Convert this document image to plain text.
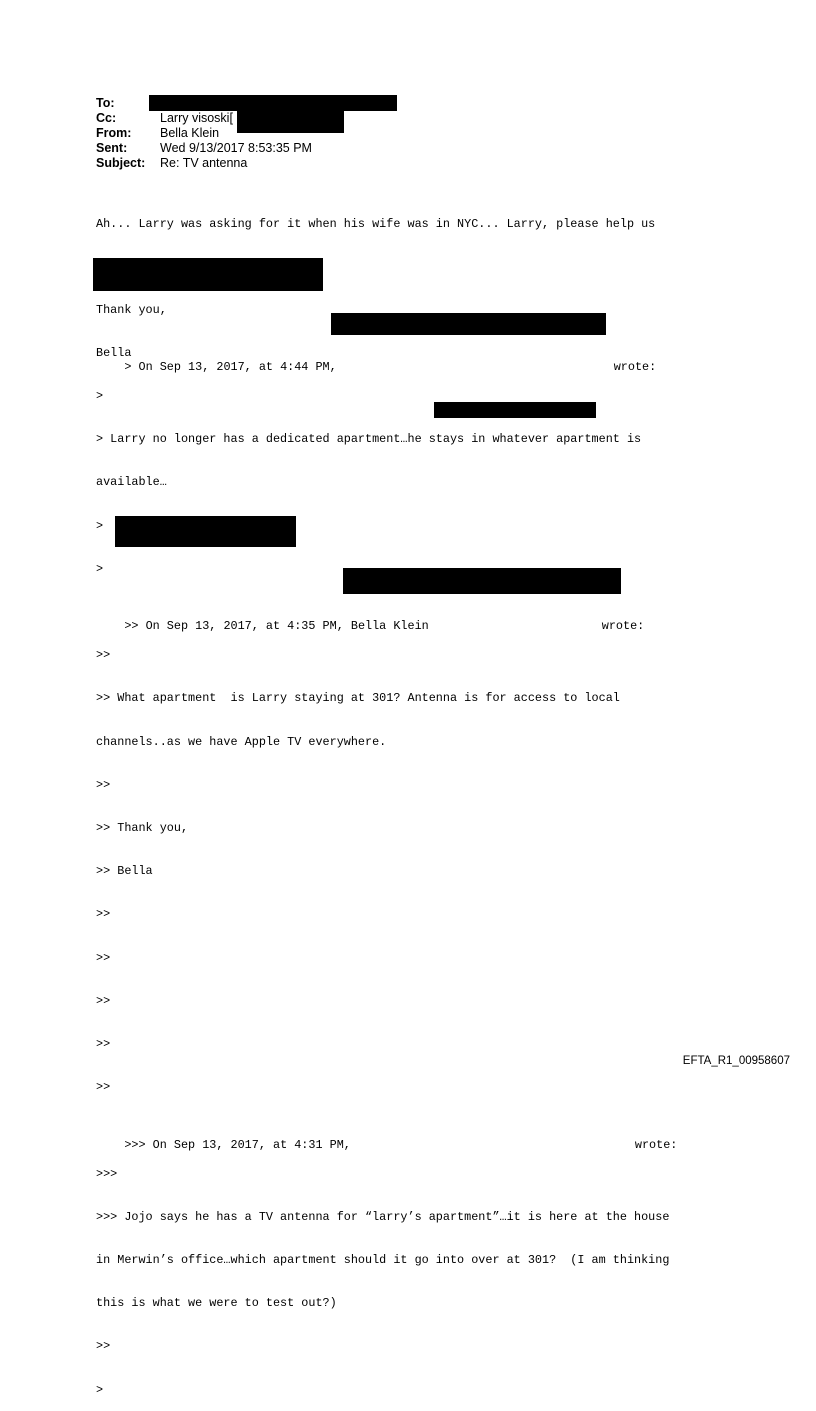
To:
Cc:	Larry visoski[
From: Bella Klein
Sent:	Wed 9/13/2017 8:53:35 PM
Subject: Re: TV antenna

Ah... Larry was asking for it when his wife was in NYC... Larry, please help us

out. Should we return it?

Thank you,

Bella

> On Sep 13, 2017, at 4:44 PM,	wrote:

>

> Larry no longer has a dedicated apartment…he stays in whatever apartment is

available…

>

>

>> On Sep 13, 2017, at 4:35 PM, Bella Klein	wrote:

>>

>> What apartment  is Larry staying at 301? Antenna is for access to local

channels..as we have Apple TV everywhere.

>>

>> Thank you,

>> Bella

>>

>>

>>

>>

>>

>>> On Sep 13, 2017, at 4:31 PM,	wrote:

>>>

>>> Jojo says he has a TV antenna for “larry’s apartment”…it is here at the house

in Merwin’s office…which apartment should it go into over at 301?  (I am thinking

this is what we were to test out?)

>>

>

EFTA_R1_00958607
